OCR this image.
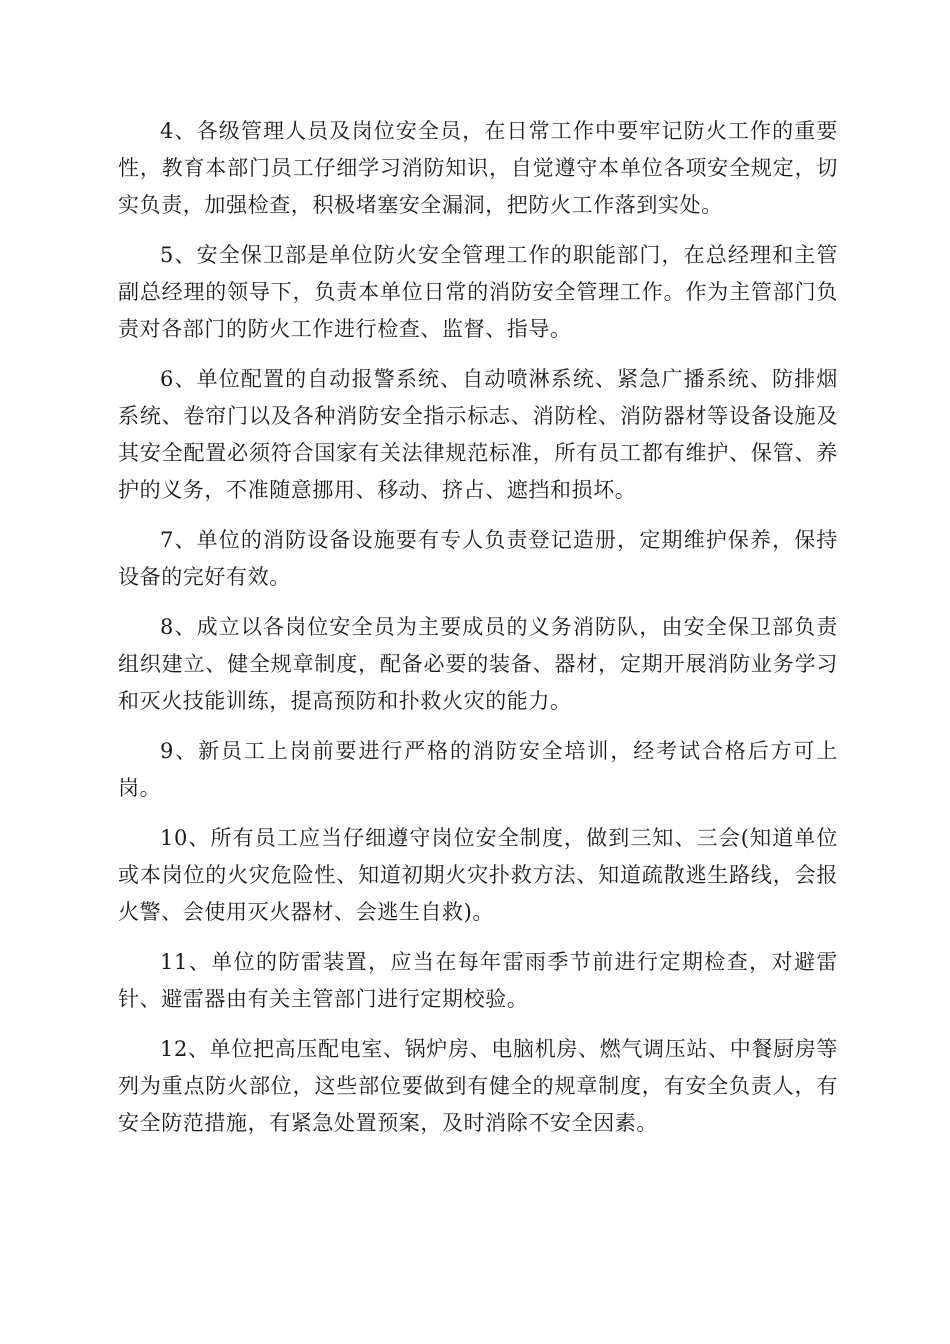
4、各级管理人员及岗位安全员，在日常工作中要牢记防火工作的重要性，教育本部门员工仔细学习消防知识，自觉遵守本单位各项安全规定，切实负责，加强检查，积极堵塞安全漏洞，把防火工作落到实处。

5、安全保卫部是单位防火安全管理工作的职能部门，在总经理和主管副总经理的领导下，负责本单位日常的消防安全管理工作。作为主管部门负责对各部门的防火工作进行检查、监督、指导。

6、单位配置的自动报警系统、自动喷淋系统、紧急广播系统、防排烟系统、卷帘门以及各种消防安全指示标志、消防栓、消防器材等设备设施及其安全配置必须符合国家有关法律规范标准，所有员工都有维护、保管、养护的义务，不准随意挪用、移动、挤占、遮挡和损坏。

7、单位的消防设备设施要有专人负责登记造册，定期维护保养，保持设备的完好有效。

8、成立以各岗位安全员为主要成员的义务消防队，由安全保卫部负责组织建立、健全规章制度，配备必要的装备、器材，定期开展消防业务学习和灭火技能训练，提高预防和扑救火灾的能力。

9、新员工上岗前要进行严格的消防安全培训，经考试合格后方可上岗。

10、所有员工应当仔细遵守岗位安全制度，做到三知、三会(知道单位或本岗位的火灾危险性、知道初期火灾扑救方法、知道疏散逃生路线，会报火警、会使用灭火器材、会逃生自救)。

11、单位的防雷装置，应当在每年雷雨季节前进行定期检查，对避雷针、避雷器由有关主管部门进行定期校验。

12、单位把高压配电室、锅炉房、电脑机房、燃气调压站、中餐厨房等列为重点防火部位，这些部位要做到有健全的规章制度，有安全负责人，有安全防范措施，有紧急处置预案，及时消除不安全因素。
